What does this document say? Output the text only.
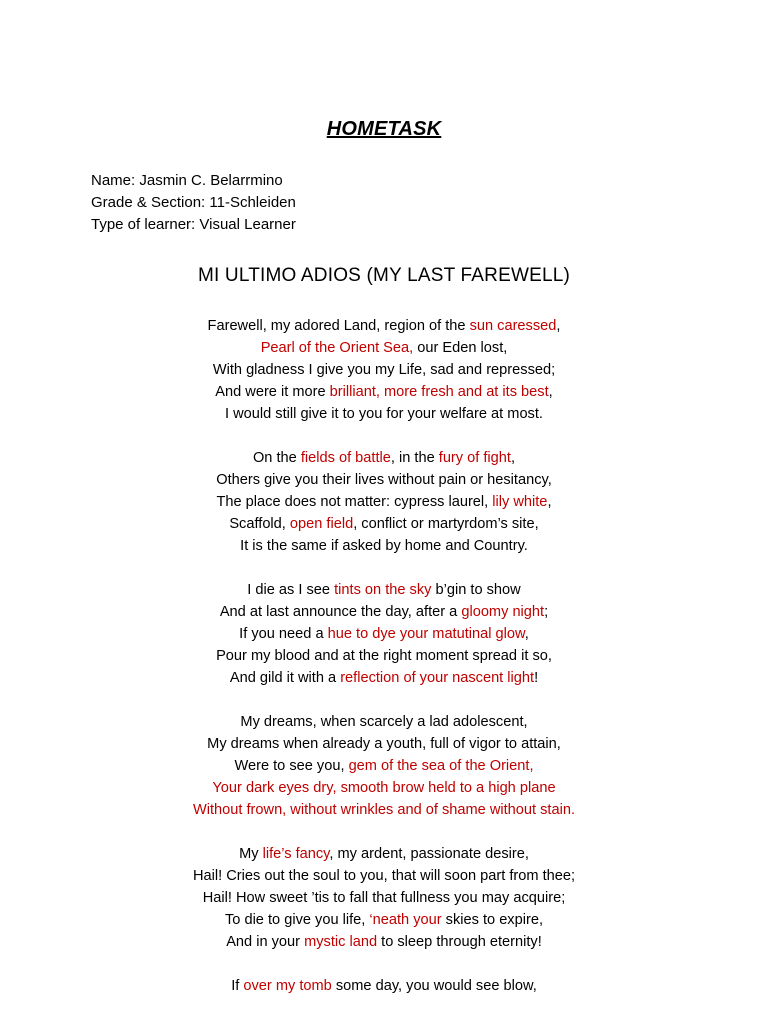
HOMETASK
Name: Jasmin C. Belarrmino
Grade & Section: 11-Schleiden
Type of learner: Visual Learner
MI ULTIMO ADIOS (MY LAST FAREWELL)
Farewell, my adored Land, region of the sun caressed,
Pearl of the Orient Sea, our Eden lost,
With gladness I give you my Life, sad and repressed;
And were it more brilliant, more fresh and at its best,
I would still give it to you for your welfare at most.
On the fields of battle, in the fury of fight,
Others give you their lives without pain or hesitancy,
The place does not matter: cypress laurel, lily white,
Scaffold, open field, conflict or martyrdom’s site,
It is the same if asked by home and Country.
I die as I see tints on the sky b’gin to show
And at last announce the day, after a gloomy night;
If you need a hue to dye your matutinal glow,
Pour my blood and at the right moment spread it so,
And gild it with a reflection of your nascent light!
My dreams, when scarcely a lad adolescent,
My dreams when already a youth, full of vigor to attain,
Were to see you, gem of the sea of the Orient,
Your dark eyes dry, smooth brow held to a high plane
Without frown, without wrinkles and of shame without stain.
My life’s fancy, my ardent, passionate desire,
Hail! Cries out the soul to you, that will soon part from thee;
Hail! How sweet ’tis to fall that fullness you may acquire;
To die to give you life, ‘neath your skies to expire,
And in your mystic land to sleep through eternity!
If over my tomb some day, you would see blow,
